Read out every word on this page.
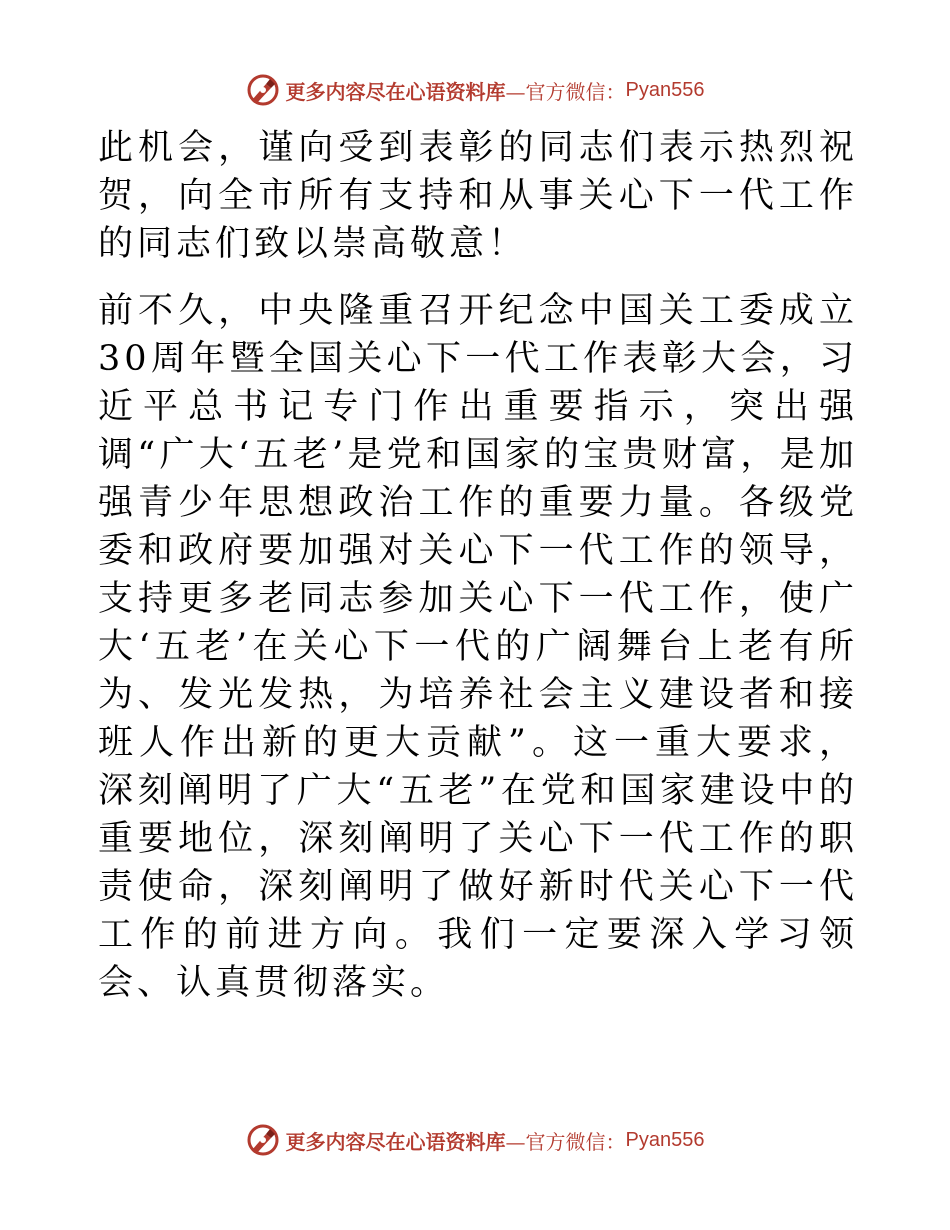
更多内容尽在心语资料库 —官方微信： Pyan556

此机会，谨向受到表彰的同志们表示热烈祝贺，向全市所有支持和从事关心下一代工作的同志们致以崇高敬意！

前不久，中央隆重召开纪念中国关工委成立30周年暨全国关心下一代工作表彰大会，习近平总书记专门作出重要指示，突出强调“广大‘五老’是党和国家的宝贵财富，是加强青少年思想政治工作的重要力量。各级党委和政府要加强对关心下一代工作的领导，支持更多老同志参加关心下一代工作，使广大‘五老’在关心下一代的广阔舞台上老有所为、发光发热，为培养社会主义建设者和接班人作出新的更大贡献”。这一重大要求，深刻阐明了广大“五老”在党和国家建设中的重要地位，深刻阐明了关心下一代工作的职责使命，深刻阐明了做好新时代关心下一代工作的前进方向。我们一定要深入学习领会、认真贯彻落实。

更多内容尽在心语资料库 —官方微信： Pyan556
